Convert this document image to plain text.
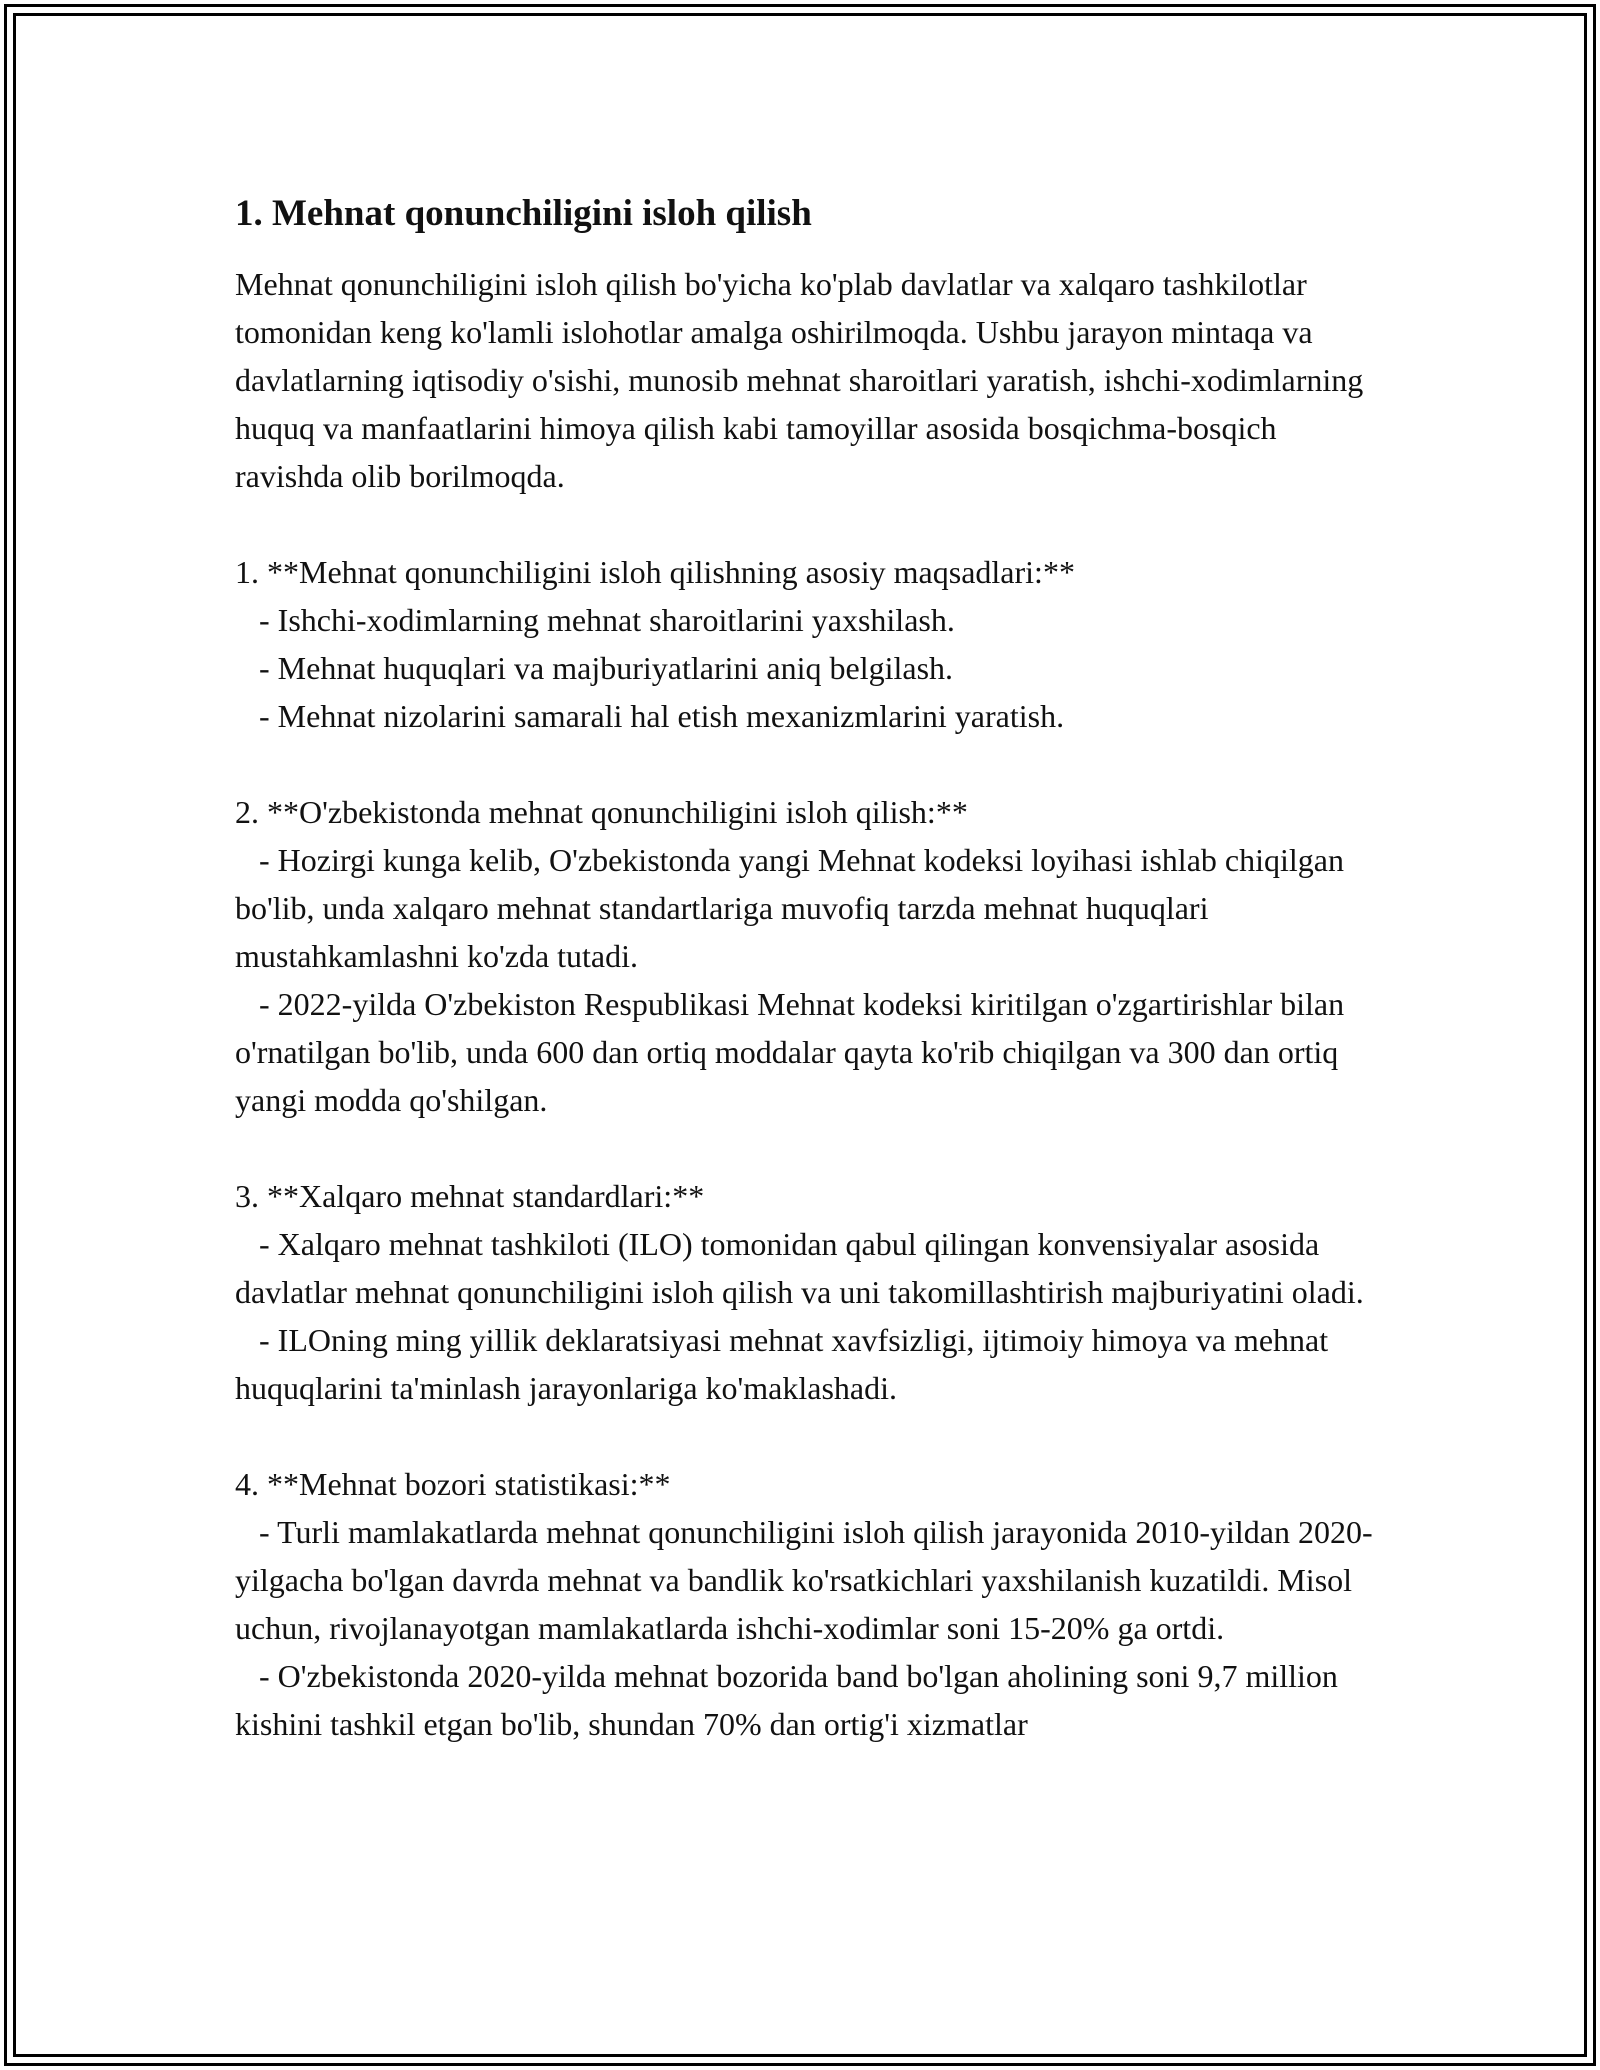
1. Mehnat qonunchiligini isloh qilish

Mehnat qonunchiligini isloh qilish bo'yicha ko'plab davlatlar va xalqaro tashkilotlar tomonidan keng ko'lamli islohotlar amalga oshirilmoqda. Ushbu jarayon mintaqa va davlatlarning iqtisodiy o'sishi, munosib mehnat sharoitlari yaratish, ishchi-xodimlarning huquq va manfaatlarini himoya qilish kabi tamoyillar asosida bosqichma-bosqich ravishda olib borilmoqda.

1. **Mehnat qonunchiligini isloh qilishning asosiy maqsadlari:**

- Ishchi-xodimlarning mehnat sharoitlarini yaxshilash.

- Mehnat huquqlari va majburiyatlarini aniq belgilash.

- Mehnat nizolarini samarali hal etish mexanizmlarini yaratish.

2. **O'zbekistonda mehnat qonunchiligini isloh qilish:**

- Hozirgi kunga kelib, O'zbekistonda yangi Mehnat kodeksi loyihasi ishlab chiqilgan bo'lib, unda xalqaro mehnat standartlariga muvofiq tarzda mehnat huquqlari mustahkamlashni ko'zda tutadi.

- 2022-yilda O'zbekiston Respublikasi Mehnat kodeksi kiritilgan o'zgartirishlar bilan o'rnatilgan bo'lib, unda 600 dan ortiq moddalar qayta ko'rib chiqilgan va 300 dan ortiq yangi modda qo'shilgan.

3. **Xalqaro mehnat standardlari:**

- Xalqaro mehnat tashkiloti (ILO) tomonidan qabul qilingan konvensiyalar asosida davlatlar mehnat qonunchiligini isloh qilish va uni takomillashtirish majburiyatini oladi.

- ILOning ming yillik deklaratsiyasi mehnat xavfsizligi, ijtimoiy himoya va mehnat huquqlarini ta'minlash jarayonlariga ko'maklashadi.

4. **Mehnat bozori statistikasi:**

- Turli mamlakatlarda mehnat qonunchiligini isloh qilish jarayonida 2010-yildan 2020-yilgacha bo'lgan davrda mehnat va bandlik ko'rsatkichlari yaxshilanish kuzatildi. Misol uchun, rivojlanayotgan mamlakatlarda ishchi-xodimlar soni 15-20% ga ortdi.

- O'zbekistonda 2020-yilda mehnat bozorida band bo'lgan aholining soni 9,7 million kishini tashkil etgan bo'lib, shundan 70% dan ortig'i xizmatlar
